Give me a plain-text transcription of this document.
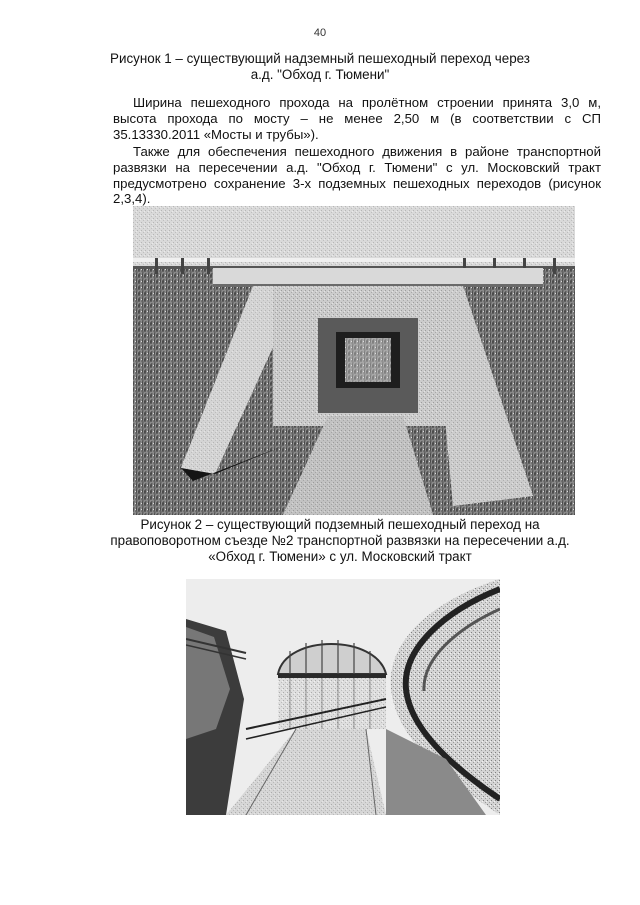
40
Рисунок 1 – существующий надземный пешеходный переход через
а.д. "Обход г. Тюмени"
Ширина пешеходного прохода на пролётном строении принята 3,0 м, высота прохода по мосту – не менее 2,50 м (в соответствии с СП 35.13330.2011 «Мосты и трубы»).
Также для обеспечения пешеходного движения в районе транспортной развязки на пересечении а.д. "Обход г. Тюмени" с ул. Московский тракт предусмотрено сохранение 3-х подземных пешеходных переходов (рисунок 2,3,4).
Рисунок 2 – существующий подземный пешеходный переход на
правоповоротном съезде №2 транспортной развязки на пересечении а.д.
«Обход г. Тюмени» с ул. Московский тракт
